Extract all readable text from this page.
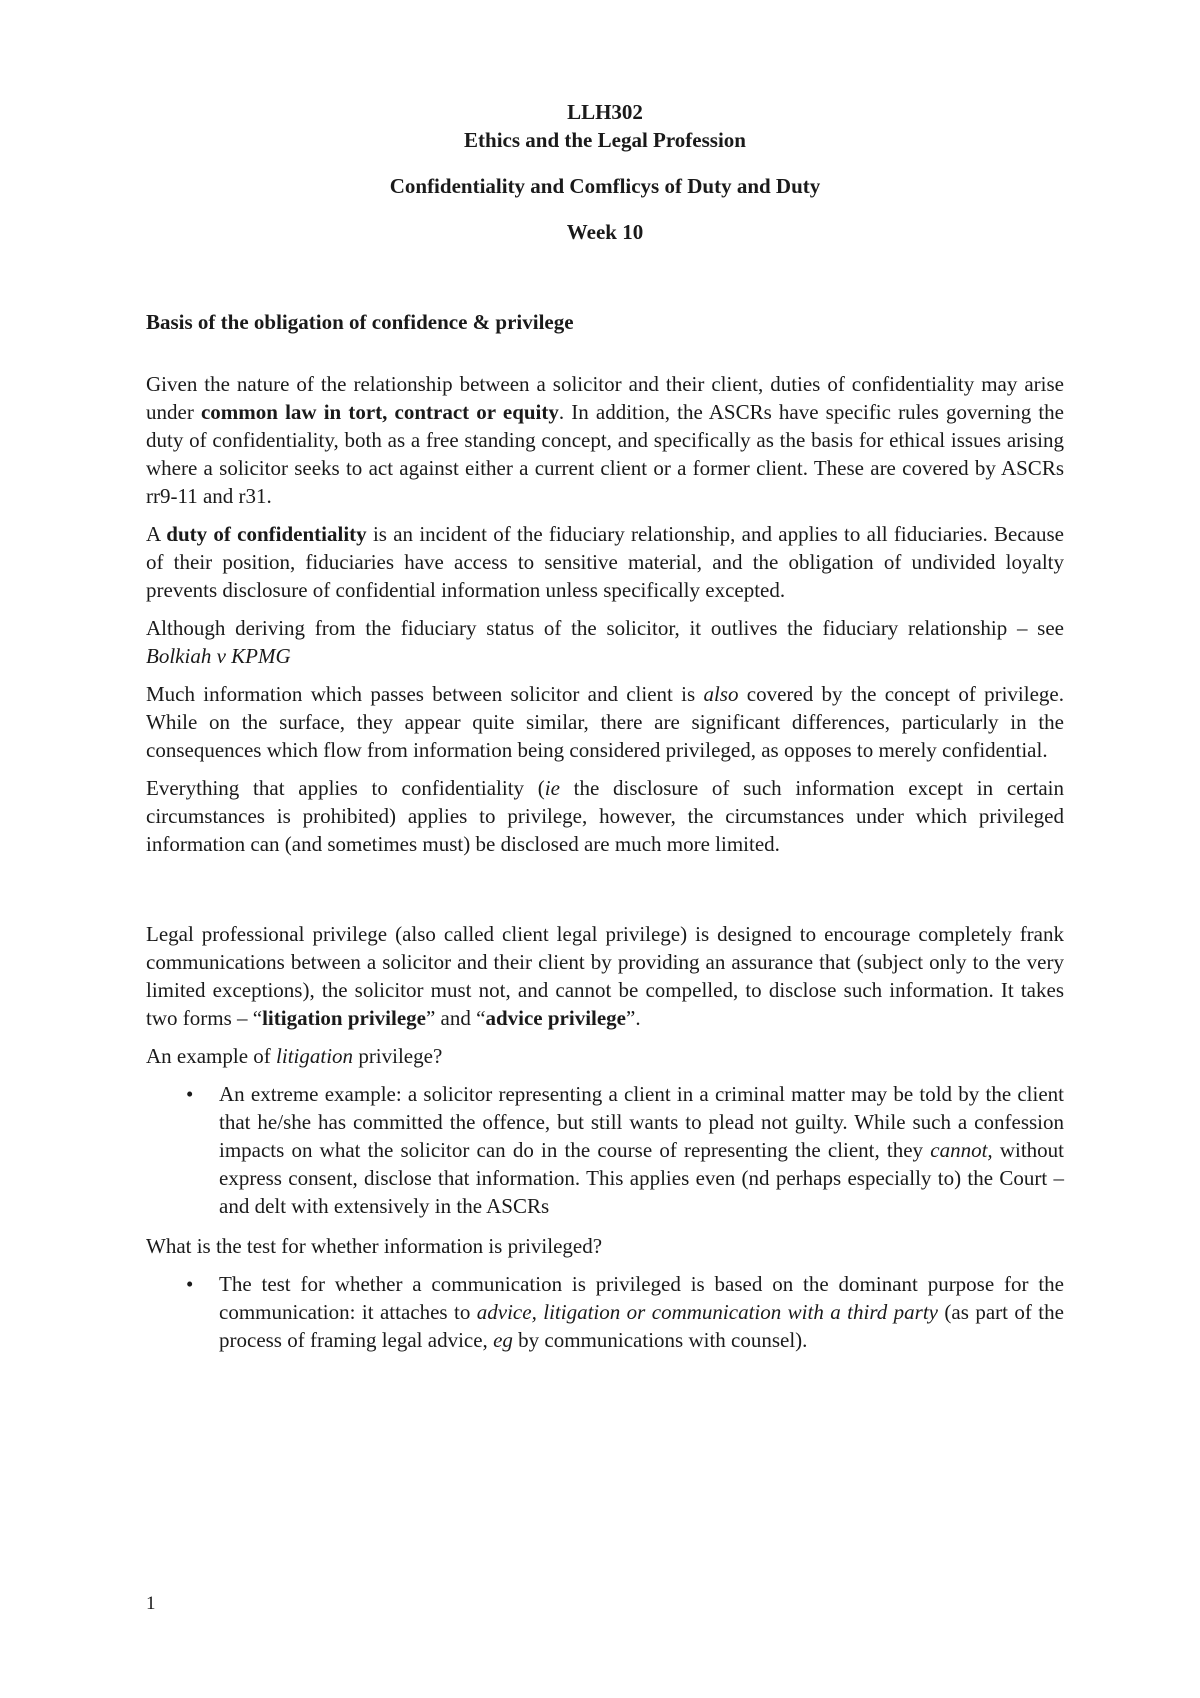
LLH302
Ethics and the Legal Profession
Confidentiality and Comflicys of Duty and Duty
Week 10
Basis of the obligation of confidence & privilege

Given the nature of the relationship between a solicitor and their client, duties of confidentiality may arise under common law in tort, contract or equity. In addition, the ASCRs have specific rules governing the duty of confidentiality, both as a free standing concept, and specifically as the basis for ethical issues arising where a solicitor seeks to act against either a current client or a former client. These are covered by ASCRs rr9-11 and r31.

A duty of confidentiality is an incident of the fiduciary relationship, and applies to all fiduciaries. Because of their position, fiduciaries have access to sensitive material, and the obligation of undivided loyalty prevents disclosure of confidential information unless specifically excepted.

Although deriving from the fiduciary status of the solicitor, it outlives the fiduciary relationship – see Bolkiah v KPMG

Much information which passes between solicitor and client is also covered by the concept of privilege. While on the surface, they appear quite similar, there are significant differences, particularly in the consequences which flow from information being considered privileged, as opposes to merely confidential.

Everything that applies to confidentiality (ie the disclosure of such information except in certain circumstances is prohibited) applies to privilege, however, the circumstances under which privileged information can (and sometimes must) be disclosed are much more limited.

Legal professional privilege (also called client legal privilege) is designed to encourage completely frank communications between a solicitor and their client by providing an assurance that (subject only to the very limited exceptions), the solicitor must not, and cannot be compelled, to disclose such information. It takes two forms – “litigation privilege” and “advice privilege”.

An example of litigation privilege?

• An extreme example: a solicitor representing a client in a criminal matter may be told by the client that he/she has committed the offence, but still wants to plead not guilty. While such a confession impacts on what the solicitor can do in the course of representing the client, they cannot, without express consent, disclose that information. This applies even (nd perhaps especially to) the Court – and delt with extensively in the ASCRs

What is the test for whether information is privileged?

• The test for whether a communication is privileged is based on the dominant purpose for the communication: it attaches to advice, litigation or communication with a third party (as part of the process of framing legal advice, eg by communications with counsel).
1
